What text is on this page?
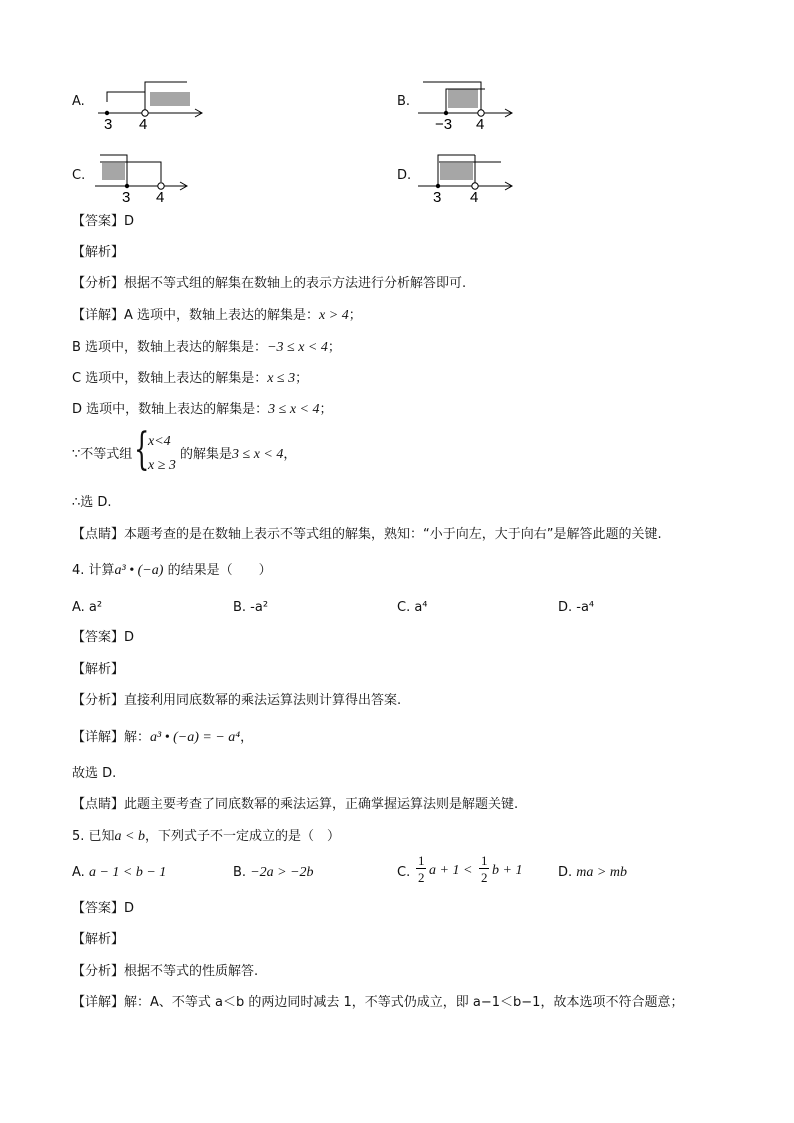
A.
3 4
B.
−3 4
C.
3 4
D.
3 4
【答案】D
【解析】
【分析】根据不等式组的解集在数轴上的表示方法进行分析解答即可.
【详解】A 选项中，数轴上表达的解集是：x > 4；
B 选项中，数轴上表达的解集是：−3 ≤ x < 4；
C 选项中，数轴上表达的解集是：x ≤ 3；
D 选项中，数轴上表达的解集是：3 ≤ x < 4；
∵不等式组 {
x<4
x ≥ 3
的解集是3 ≤ x < 4，
∴选 D.
【点睛】本题考查的是在数轴上表示不等式组的解集，熟知：“小于向左，大于向右”是解答此题的关键.
4. 计算a³ • (−a) 的结果是（　　）
A. a²	B. -a²	C. a⁴	D. -a⁴
【答案】D
【解析】
【分析】直接利用同底数幂的乘法运算法则计算得出答案.
【详解】解：a³ • (−a) = − a⁴，
故选 D.
【点睛】此题主要考查了同底数幂的乘法运算，正确掌握运算法则是解题关键.
5. 已知a < b，下列式子不一定成立的是（　）
A. a − 1 < b − 1	B. −2a > −2b	C.
1
2 a + 1 <
1
2 b + 1	D. ma > mb
【答案】D
【解析】
【分析】根据不等式的性质解答.
【详解】解：A、不等式 a＜b 的两边同时减去 1，不等式仍成立，即 a−1＜b−1，故本选项不符合题意；
